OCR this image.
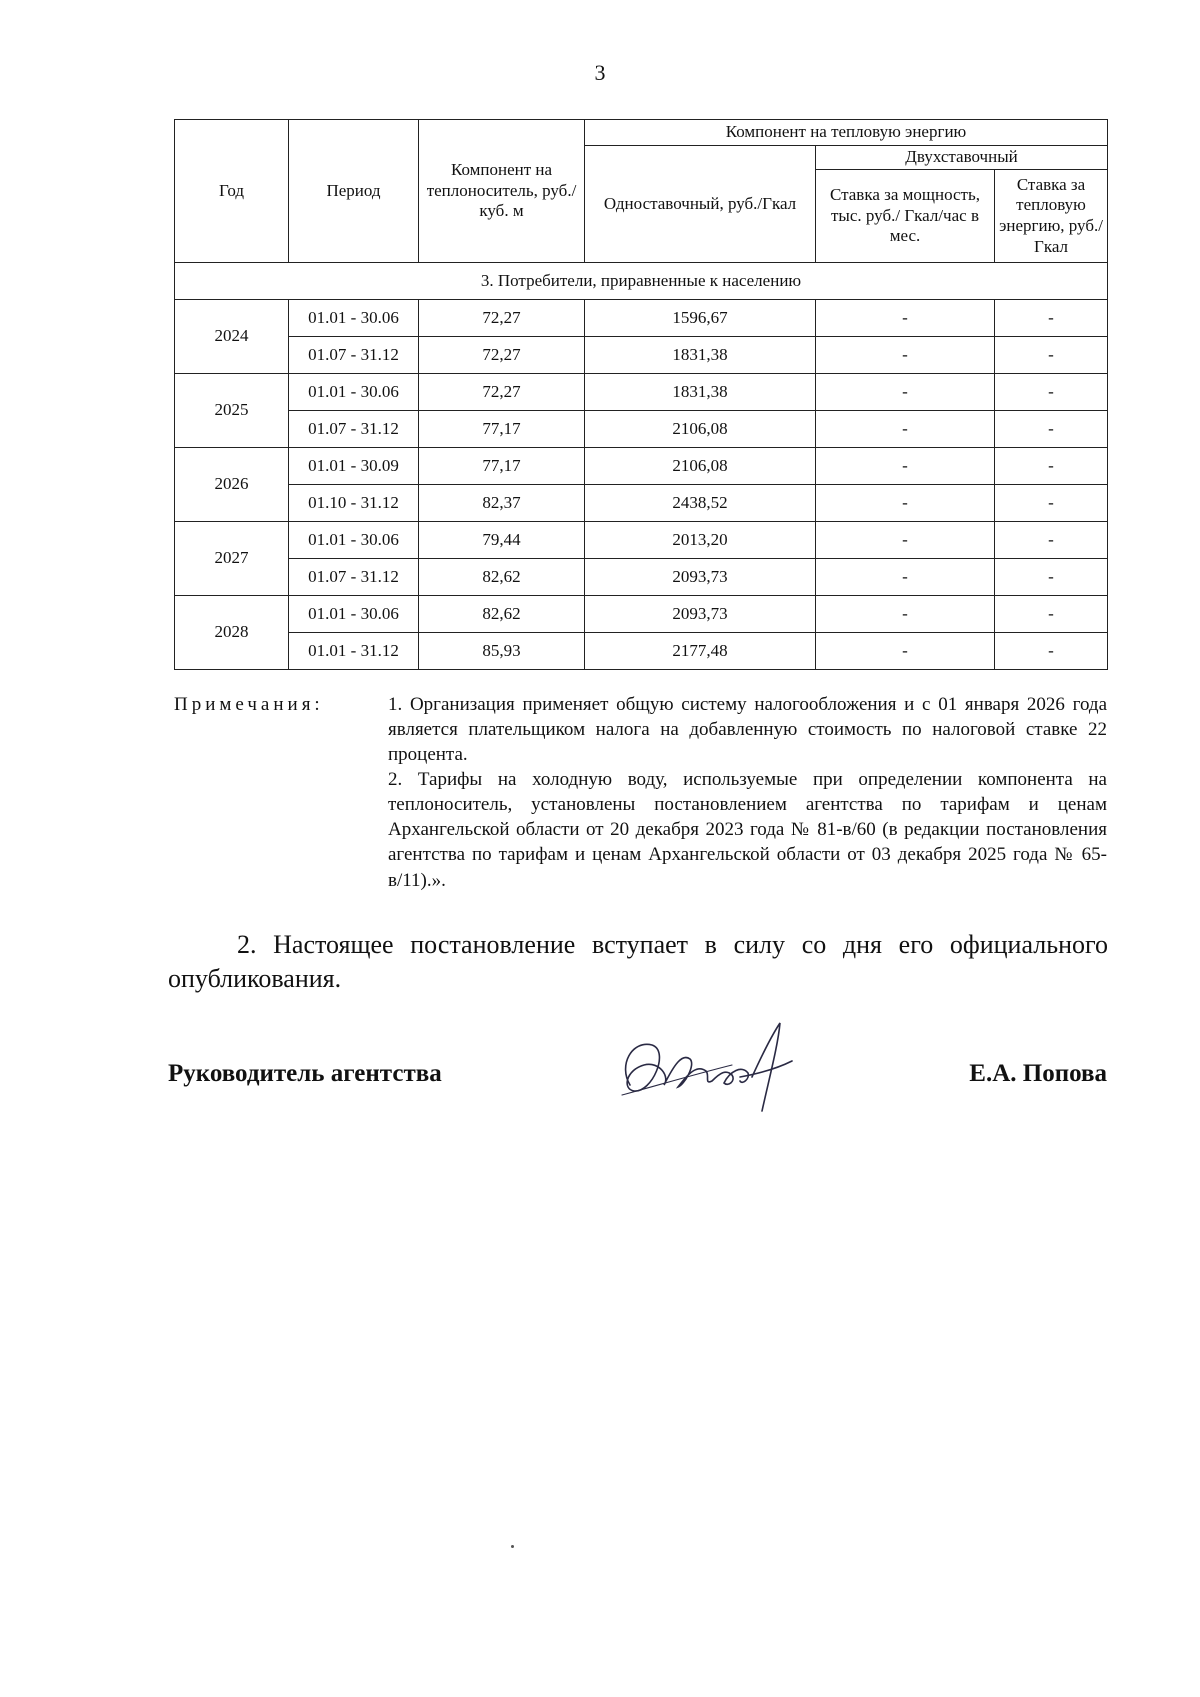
3
Год	Период	Компонент на теплоноситель, руб./куб. м	Компонент на тепловую энергию		
			Одноставочный, руб./Гкал	Двухставочный	
				Ставка за мощность, тыс. руб./ Гкал/час в мес.	Ставка за тепловую энергию, руб./Гкал
3. Потребители, приравненные к населению					
2024	01.01 - 30.06	72,27	1596,67	-	-
	01.07 - 31.12	72,27	1831,38	-	-
2025	01.01 - 30.06	72,27	1831,38	-	-
	01.07 - 31.12	77,17	2106,08	-	-
2026	01.01 - 30.09	77,17	2106,08	-	-
	01.10 - 31.12	82,37	2438,52	-	-
2027	01.01 - 30.06	79,44	2013,20	-	-
	01.07 - 31.12	82,62	2093,73	-	-
2028	01.01 - 30.06	82,62	2093,73	-	-
	01.01 - 31.12	85,93	2177,48	-	-
Примечания:	1. Организация применяет общую систему налогообложения и с 01 января 2026 года является плательщиком налога на добавленную стоимость по налоговой ставке 22 процента.
2. Тарифы на холодную воду, используемые при определении компонента на теплоноситель, установлены постановлением агентства по тарифам и ценам Архангельской области от 20 декабря 2023 года № 81-в/60 (в редакции постановления агентства по тарифам и ценам Архангельской области от 03 декабря 2025 года № 65-в/11).».
2. Настоящее постановление вступает в силу со дня его официального опубликования.
Руководитель агентства	Е.А. Попова
